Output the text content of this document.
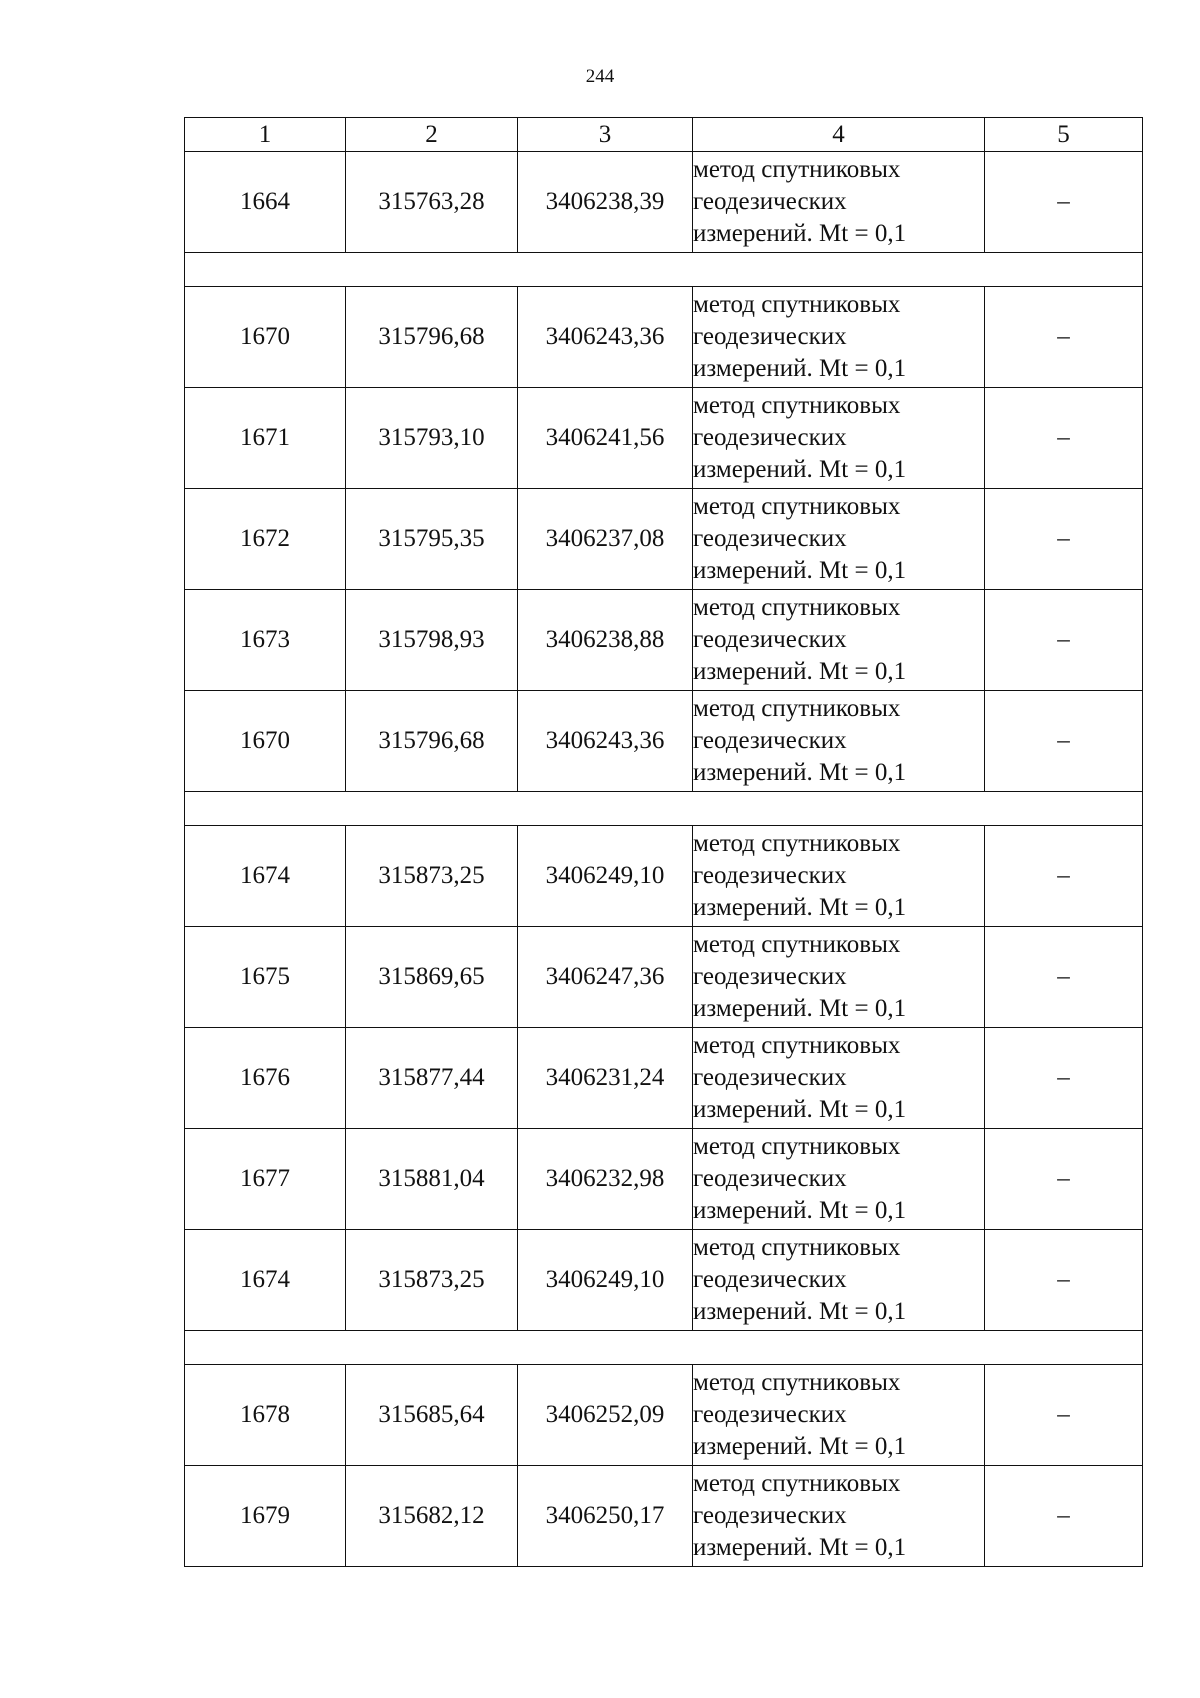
244
1	2	3	4	5
1664	315763,28	3406238,39	метод спутниковых
геодезических
измерений. Mt = 0,1	–

1670	315796,68	3406243,36	метод спутниковых
геодезических
измерений. Mt = 0,1	–
1671	315793,10	3406241,56	метод спутниковых
геодезических
измерений. Mt = 0,1	–
1672	315795,35	3406237,08	метод спутниковых
геодезических
измерений. Mt = 0,1	–
1673	315798,93	3406238,88	метод спутниковых
геодезических
измерений. Mt = 0,1	–
1670	315796,68	3406243,36	метод спутниковых
геодезических
измерений. Mt = 0,1	–

1674	315873,25	3406249,10	метод спутниковых
геодезических
измерений. Mt = 0,1	–
1675	315869,65	3406247,36	метод спутниковых
геодезических
измерений. Mt = 0,1	–
1676	315877,44	3406231,24	метод спутниковых
геодезических
измерений. Mt = 0,1	–
1677	315881,04	3406232,98	метод спутниковых
геодезических
измерений. Mt = 0,1	–
1674	315873,25	3406249,10	метод спутниковых
геодезических
измерений. Mt = 0,1	–

1678	315685,64	3406252,09	метод спутниковых
геодезических
измерений. Mt = 0,1	–
1679	315682,12	3406250,17	метод спутниковых
геодезических
измерений. Mt = 0,1	–
